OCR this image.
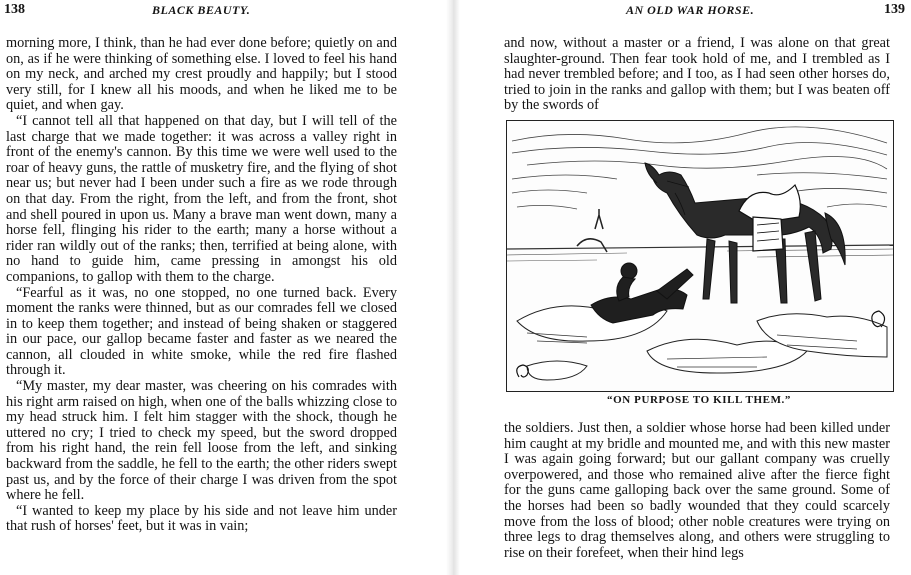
138	BLACK BEAUTY.

morning more, I think, than he had ever done before; quietly on and on, as if he were thinking of something else. I loved to feel his hand on my neck, and arched my crest proudly and happily; but I stood very still, for I knew all his moods, and when he liked me to be quiet, and when gay.

“I cannot tell all that happened on that day, but I will tell of the last charge that we made together: it was across a valley right in front of the enemy's cannon. By this time we were well used to the roar of heavy guns, the rattle of musketry fire, and the flying of shot near us; but never had I been under such a fire as we rode through on that day. From the right, from the left, and from the front, shot and shell poured in upon us. Many a brave man went down, many a horse fell, flinging his rider to the earth; many a horse without a rider ran wildly out of the ranks; then, terrified at being alone, with no hand to guide him, came pressing in amongst his old companions, to gallop with them to the charge.

“Fearful as it was, no one stopped, no one turned back. Every moment the ranks were thinned, but as our comrades fell we closed in to keep them together; and instead of being shaken or staggered in our pace, our gallop became faster and faster as we neared the cannon, all clouded in white smoke, while the red fire flashed through it.

“My master, my dear master, was cheering on his comrades with his right arm raised on high, when one of the balls whizzing close to my head struck him. I felt him stagger with the shock, though he uttered no cry; I tried to check my speed, but the sword dropped from his right hand, the rein fell loose from the left, and sinking backward from the saddle, he fell to the earth; the other riders swept past us, and by the force of their charge I was driven from the spot where he fell.

“I wanted to keep my place by his side and not leave him under that rush of horses' feet, but it was in vain;

AN OLD WAR HORSE.	139

and now, without a master or a friend, I was alone on that great slaughter-ground. Then fear took hold of me, and I trembled as I had never trembled before; and I too, as I had seen other horses do, tried to join in the ranks and gallop with them; but I was beaten off by the swords of

“ON PURPOSE TO KILL THEM.”

the soldiers. Just then, a soldier whose horse had been killed under him caught at my bridle and mounted me, and with this new master I was again going forward; but our gallant company was cruelly overpowered, and those who remained alive after the fierce fight for the guns came galloping back over the same ground. Some of the horses had been so badly wounded that they could scarcely move from the loss of blood; other noble creatures were trying on three legs to drag themselves along, and others were struggling to rise on their forefeet, when their hind legs
